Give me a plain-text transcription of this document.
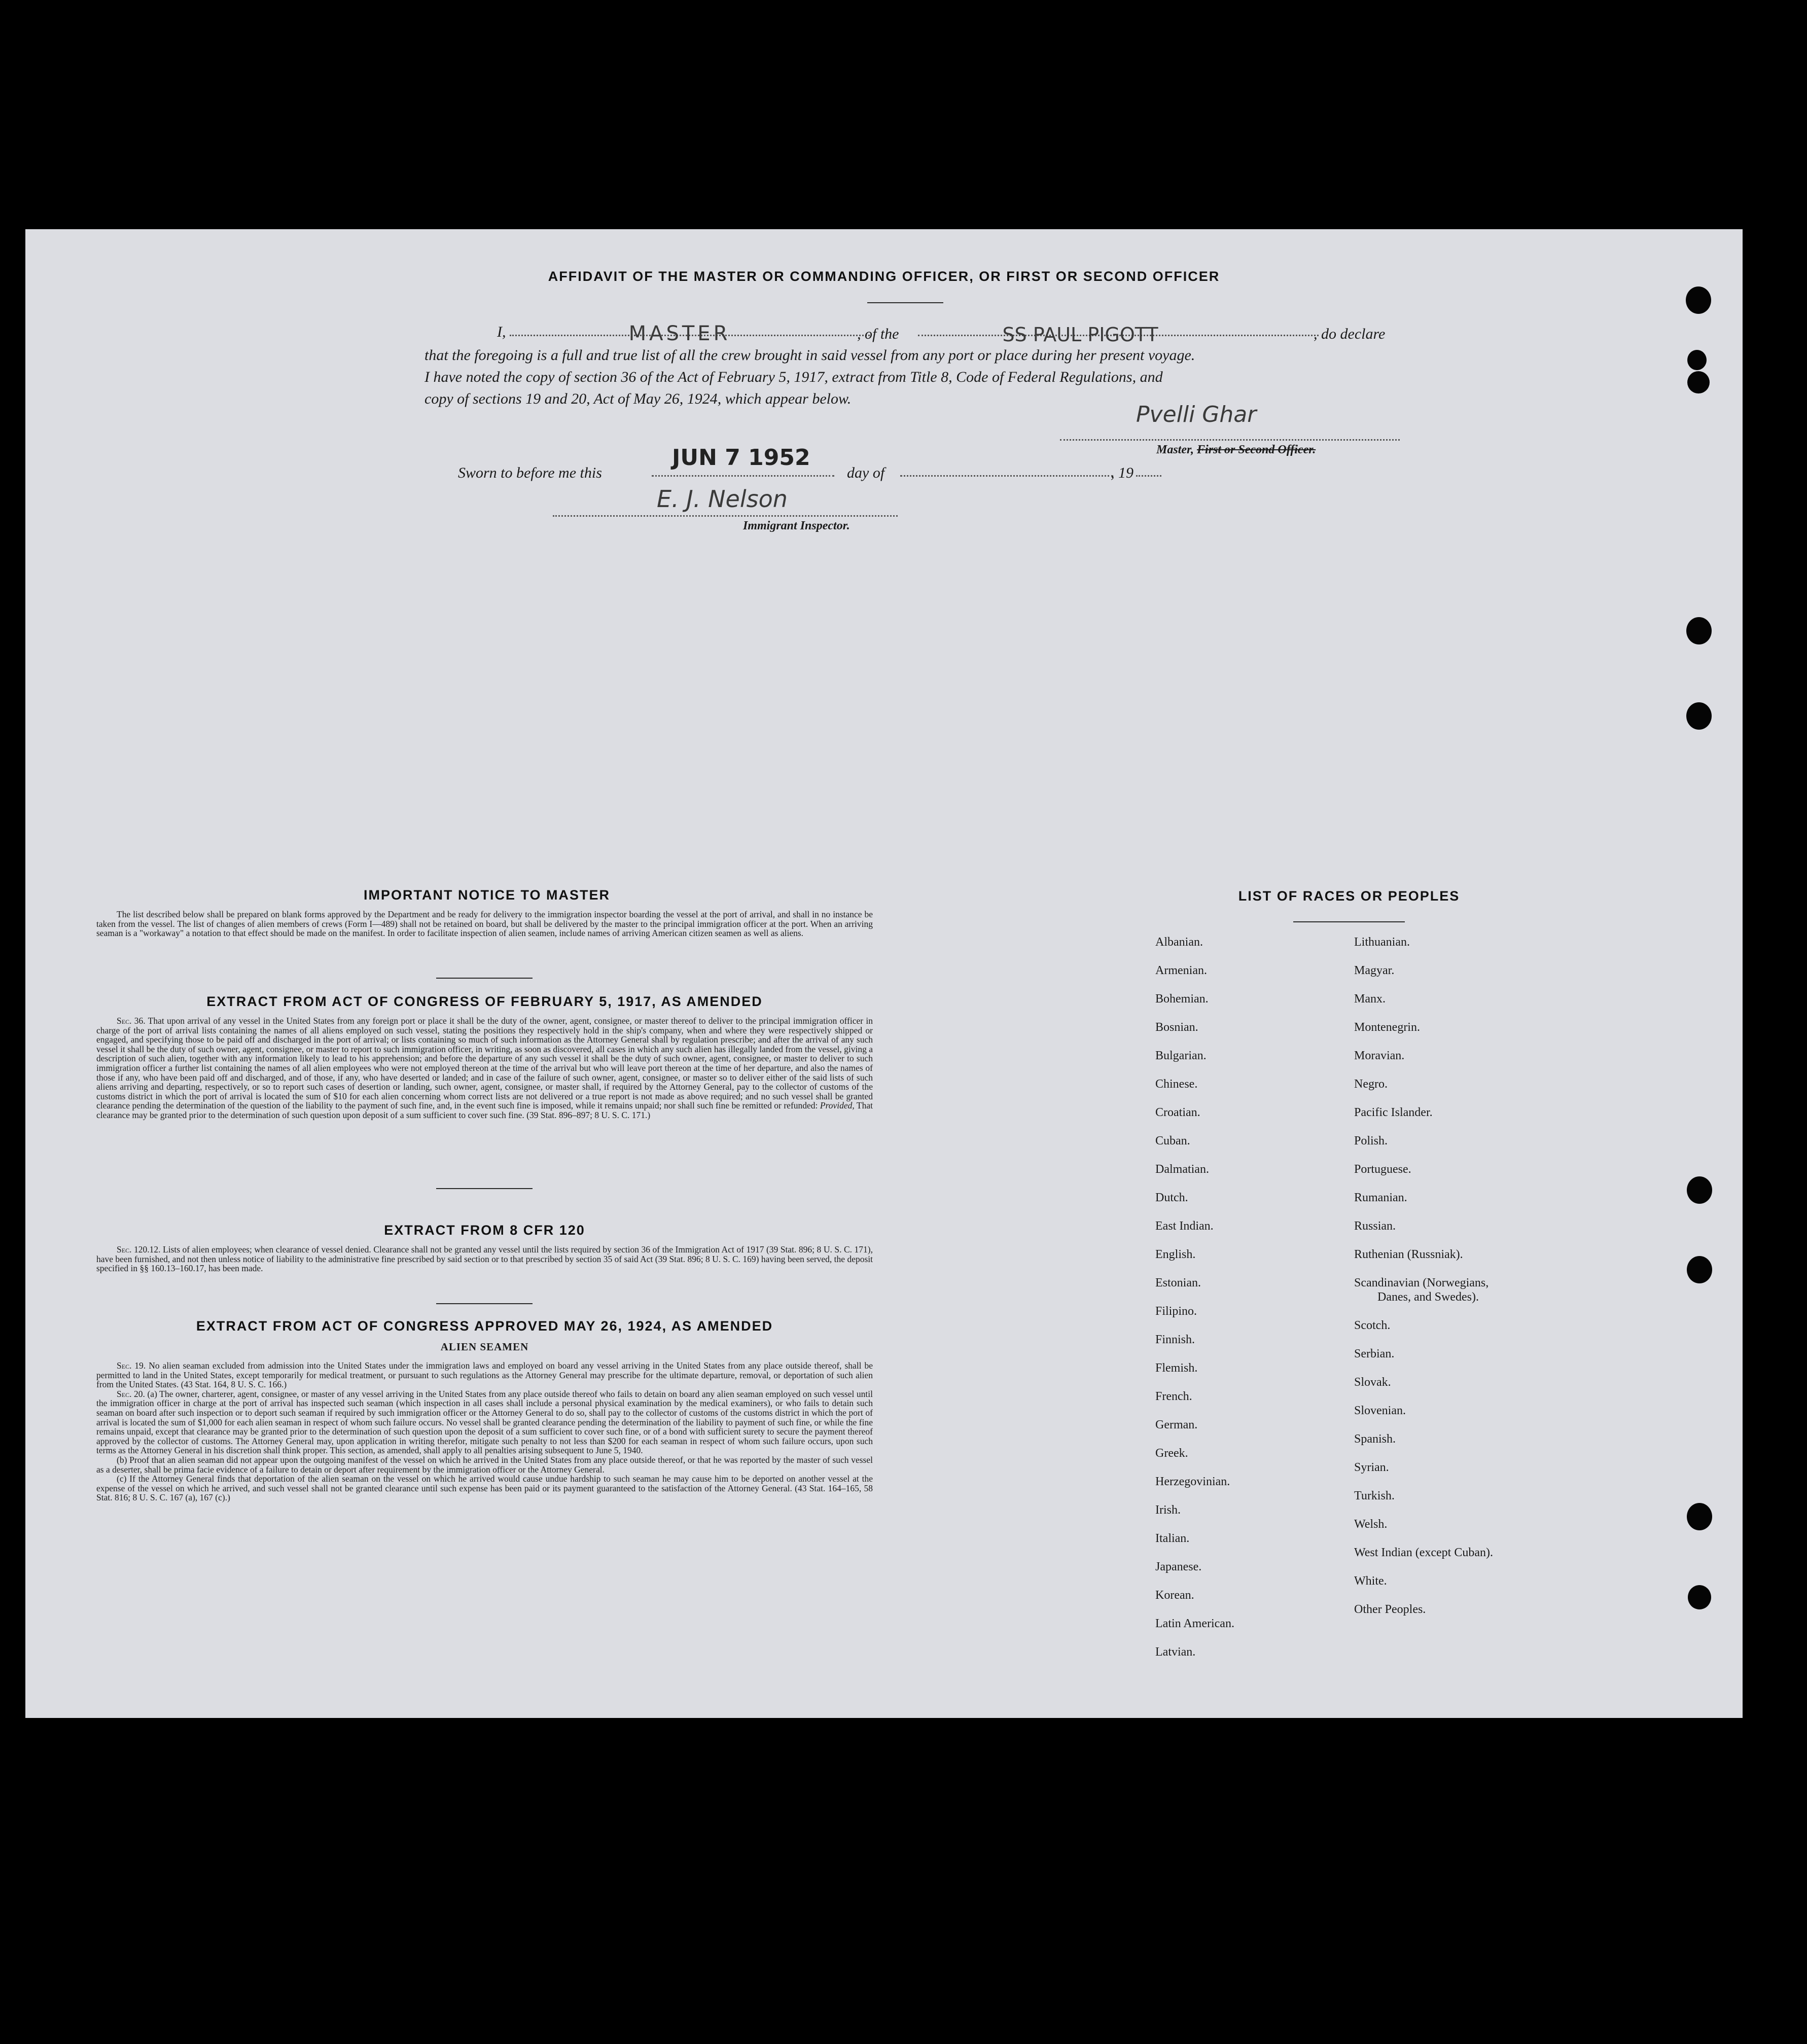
AFFIDAVIT OF THE MASTER OR COMMANDING OFFICER, OR FIRST OR SECOND OFFICER
I,	MASTER	, of the	SS PAUL PIGOTT	, do declare
that the foregoing is a full and true list of all the crew brought in said vessel from any port or place during her present voyage.
I have noted the copy of section 36 of the Act of February 5, 1917, extract from Title 8, Code of Federal Regulations, and
copy of sections 19 and 20, Act of May 26, 1924, which appear below.
Pvelli Ghar
Master, First or Second Officer.
Sworn to before me this
JUN 7 1952
day of	, 19
E. J. Nelson
Immigrant Inspector.
IMPORTANT NOTICE TO MASTER
The list described below shall be prepared on blank forms approved by the Department and be ready for delivery to the immigration inspector boarding the vessel at the port of arrival, and shall in no instance be taken from the vessel. The list of changes of alien members of crews (Form I—489) shall not be retained on board, but shall be delivered by the master to the principal immigration officer at the port. When an arriving seaman is a "workaway" a notation to that effect should be made on the manifest. In order to facilitate inspection of alien seamen, include names of arriving American citizen seamen as well as aliens.
EXTRACT FROM ACT OF CONGRESS OF FEBRUARY 5, 1917, AS AMENDED
Sec. 36. That upon arrival of any vessel in the United States from any foreign port or place it shall be the duty of the owner, agent, consignee, or master thereof to deliver to the principal immigration officer in charge of the port of arrival lists containing the names of all aliens employed on such vessel, stating the positions they respectively hold in the ship's company, when and where they were respectively shipped or engaged, and specifying those to be paid off and discharged in the port of arrival; or lists containing so much of such information as the Attorney General shall by regulation prescribe; and after the arrival of any such vessel it shall be the duty of such owner, agent, consignee, or master to report to such immigration officer, in writing, as soon as discovered, all cases in which any such alien has illegally landed from the vessel, giving a description of such alien, together with any information likely to lead to his apprehension; and before the departure of any such vessel it shall be the duty of such owner, agent, consignee, or master to deliver to such immigration officer a further list containing the names of all alien employees who were not employed thereon at the time of the arrival but who will leave port thereon at the time of her departure, and also the names of those if any, who have been paid off and discharged, and of those, if any, who have deserted or landed; and in case of the failure of such owner, agent, consignee, or master so to deliver either of the said lists of such aliens arriving and departing, respectively, or so to report such cases of desertion or landing, such owner, agent, consignee, or master shall, if required by the Attorney General, pay to the collector of customs of the customs district in which the port of arrival is located the sum of $10 for each alien concerning whom correct lists are not delivered or a true report is not made as above required; and no such vessel shall be granted clearance pending the determination of the question of the liability to the payment of such fine, and, in the event such fine is imposed, while it remains unpaid; nor shall such fine be remitted or refunded: Provided, That clearance may be granted prior to the determination of such question upon deposit of a sum sufficient to cover such fine. (39 Stat. 896–897; 8 U. S. C. 171.)
EXTRACT FROM 8 CFR 120
Sec. 120.12. Lists of alien employees; when clearance of vessel denied. Clearance shall not be granted any vessel until the lists required by section 36 of the Immigration Act of 1917 (39 Stat. 896; 8 U. S. C. 171), have been furnished, and not then unless notice of liability to the administrative fine prescribed by said section or to that prescribed by section 35 of said Act (39 Stat. 896; 8 U. S. C. 169) having been served, the deposit specified in §§ 160.13–160.17, has been made.
EXTRACT FROM ACT OF CONGRESS APPROVED MAY 26, 1924, AS AMENDED
ALIEN SEAMEN
Sec. 19. No alien seaman excluded from admission into the United States under the immigration laws and employed on board any vessel arriving in the United States from any place outside thereof, shall be permitted to land in the United States, except temporarily for medical treatment, or pursuant to such regulations as the Attorney General may prescribe for the ultimate departure, removal, or deportation of such alien from the United States. (43 Stat. 164, 8 U. S. C. 166.)
Sec. 20. (a) The owner, charterer, agent, consignee, or master of any vessel arriving in the United States from any place outside thereof who fails to detain on board any alien seaman employed on such vessel until the immigration officer in charge at the port of arrival has inspected such seaman (which inspection in all cases shall include a personal physical examination by the medical examiners), or who fails to detain such seaman on board after such inspection or to deport such seaman if required by such immigration officer or the Attorney General to do so, shall pay to the collector of customs of the customs district in which the port of arrival is located the sum of $1,000 for each alien seaman in respect of whom such failure occurs. No vessel shall be granted clearance pending the determination of the liability to payment of such fine, or while the fine remains unpaid, except that clearance may be granted prior to the determination of such question upon the deposit of a sum sufficient to cover such fine, or of a bond with sufficient surety to secure the payment thereof approved by the collector of customs. The Attorney General may, upon application in writing therefor, mitigate such penalty to not less than $200 for each seaman in respect of whom such failure occurs, upon such terms as the Attorney General in his discretion shall think proper. This section, as amended, shall apply to all penalties arising subsequent to June 5, 1940.
(b) Proof that an alien seaman did not appear upon the outgoing manifest of the vessel on which he arrived in the United States from any place outside thereof, or that he was reported by the master of such vessel as a deserter, shall be prima facie evidence of a failure to detain or deport after requirement by the immigration officer or the Attorney General.
(c) If the Attorney General finds that deportation of the alien seaman on the vessel on which he arrived would cause undue hardship to such seaman he may cause him to be deported on another vessel at the expense of the vessel on which he arrived, and such vessel shall not be granted clearance until such expense has been paid or its payment guaranteed to the satisfaction of the Attorney General. (43 Stat. 164–165, 58 Stat. 816; 8 U. S. C. 167 (a), 167 (c).)
LIST OF RACES OR PEOPLES
Albanian.
Armenian.
Bohemian.
Bosnian.
Bulgarian.
Chinese.
Croatian.
Cuban.
Dalmatian.
Dutch.
East Indian.
English.
Estonian.
Filipino.
Finnish.
Flemish.
French.
German.
Greek.
Herzegovinian.
Irish.
Italian.
Japanese.
Korean.
Latin American.
Latvian.
Lithuanian.
Magyar.
Manx.
Montenegrin.
Moravian.
Negro.
Pacific Islander.
Polish.
Portuguese.
Rumanian.
Russian.
Ruthenian (Russniak).
Scandinavian (Norwegians,
Danes, and Swedes).
Scotch.
Serbian.
Slovak.
Slovenian.
Spanish.
Syrian.
Turkish.
Welsh.
West Indian (except Cuban).
White.
Other Peoples.
